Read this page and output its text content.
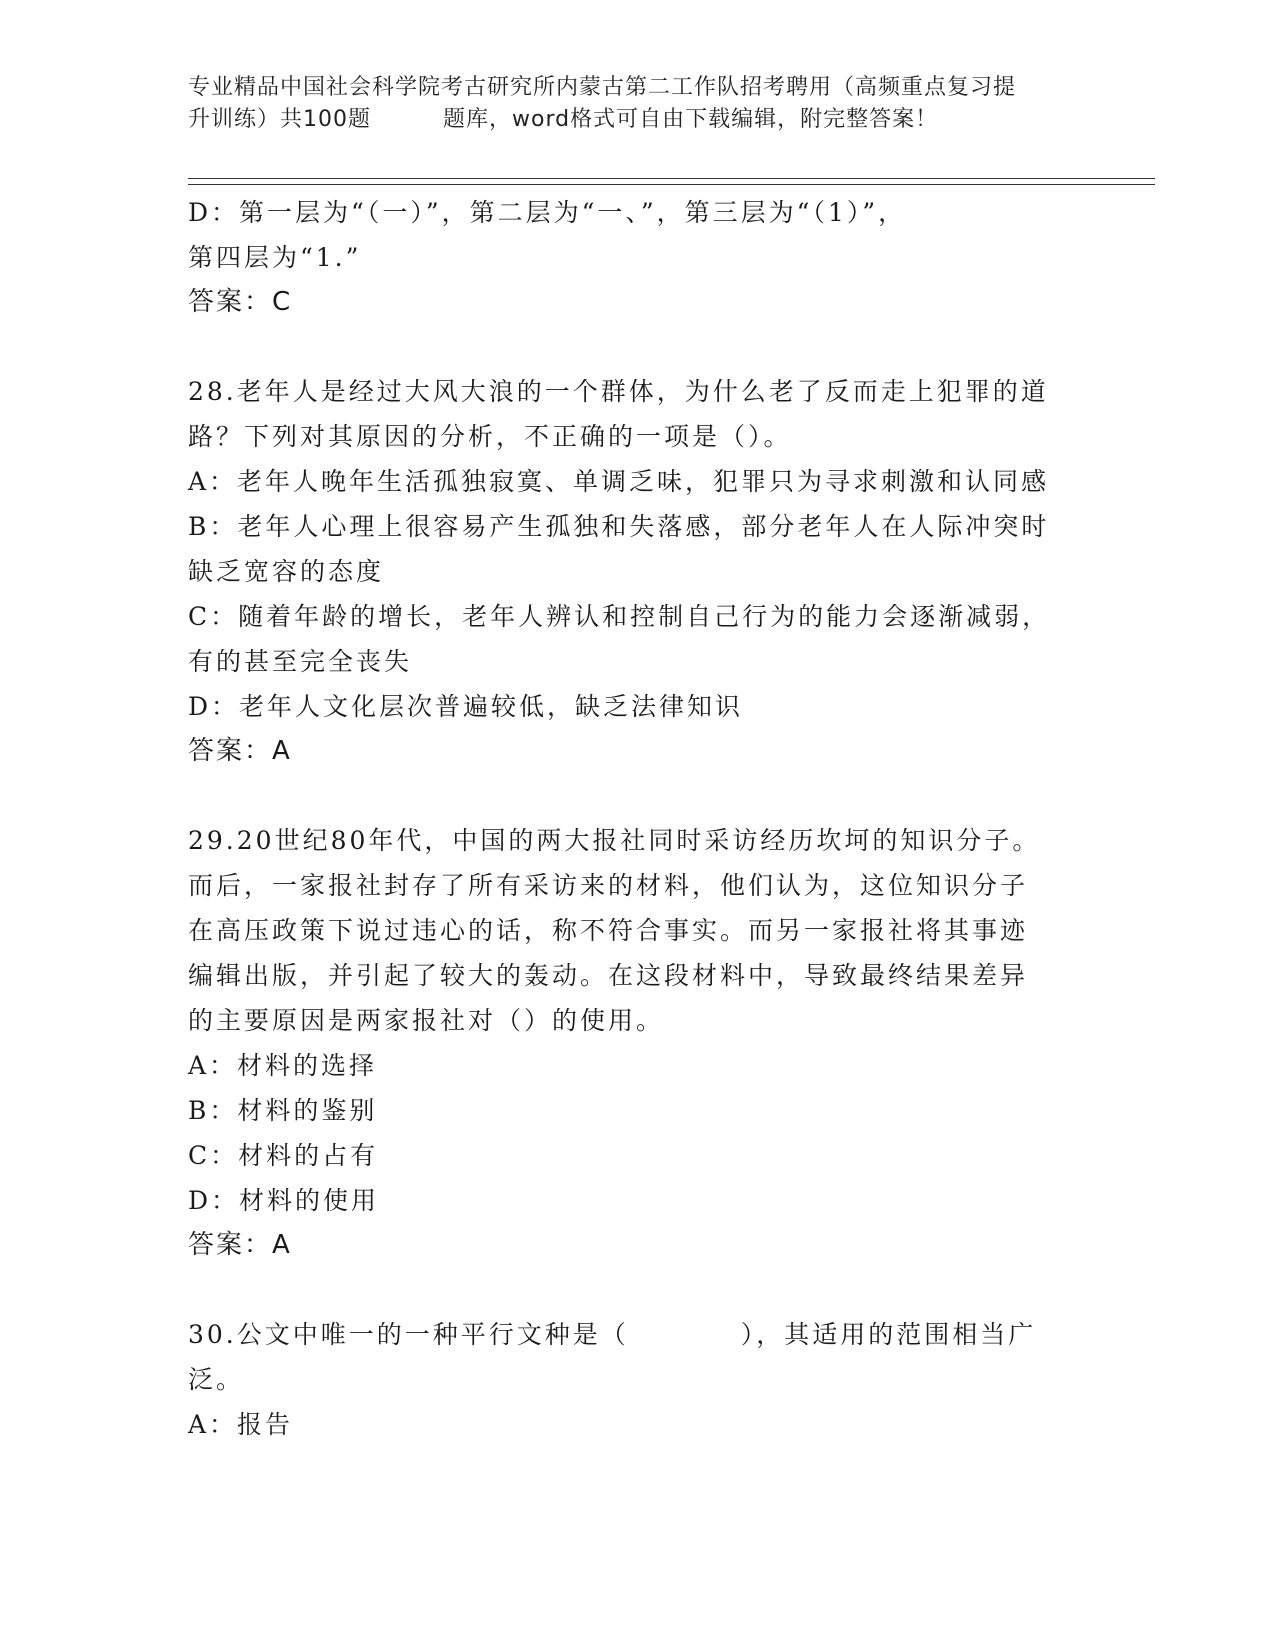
专业精品中国社会科学院考古研究所内蒙古第二工作队招考聘用（高频重点复习提
升训练）共100题	题库，word格式可自由下载编辑，附完整答案！
D：第一层为“（一）”，第二层为“一、”，第三层为“（1）”，
第四层为“1.”
答案：C
28.老年人是经过大风大浪的一个群体，为什么老了反而走上犯罪的道
路？下列对其原因的分析，不正确的一项是（）。
A：老年人晚年生活孤独寂寞、单调乏味，犯罪只为寻求刺激和认同感
B：老年人心理上很容易产生孤独和失落感，部分老年人在人际冲突时
缺乏宽容的态度
C：随着年龄的增长，老年人辨认和控制自己行为的能力会逐渐减弱，
有的甚至完全丧失
D：老年人文化层次普遍较低，缺乏法律知识
答案：A
29.20世纪80年代，中国的两大报社同时采访经历坎坷的知识分子。
而后，一家报社封存了所有采访来的材料，他们认为，这位知识分子
在高压政策下说过违心的话，称不符合事实。而另一家报社将其事迹
编辑出版，并引起了较大的轰动。在这段材料中，导致最终结果差异
的主要原因是两家报社对（）的使用。
A：材料的选择
B：材料的鉴别
C：材料的占有
D：材料的使用
答案：A
30.公文中唯一的一种平行文种是（　　　　），其适用的范围相当广
泛。
A：报告
